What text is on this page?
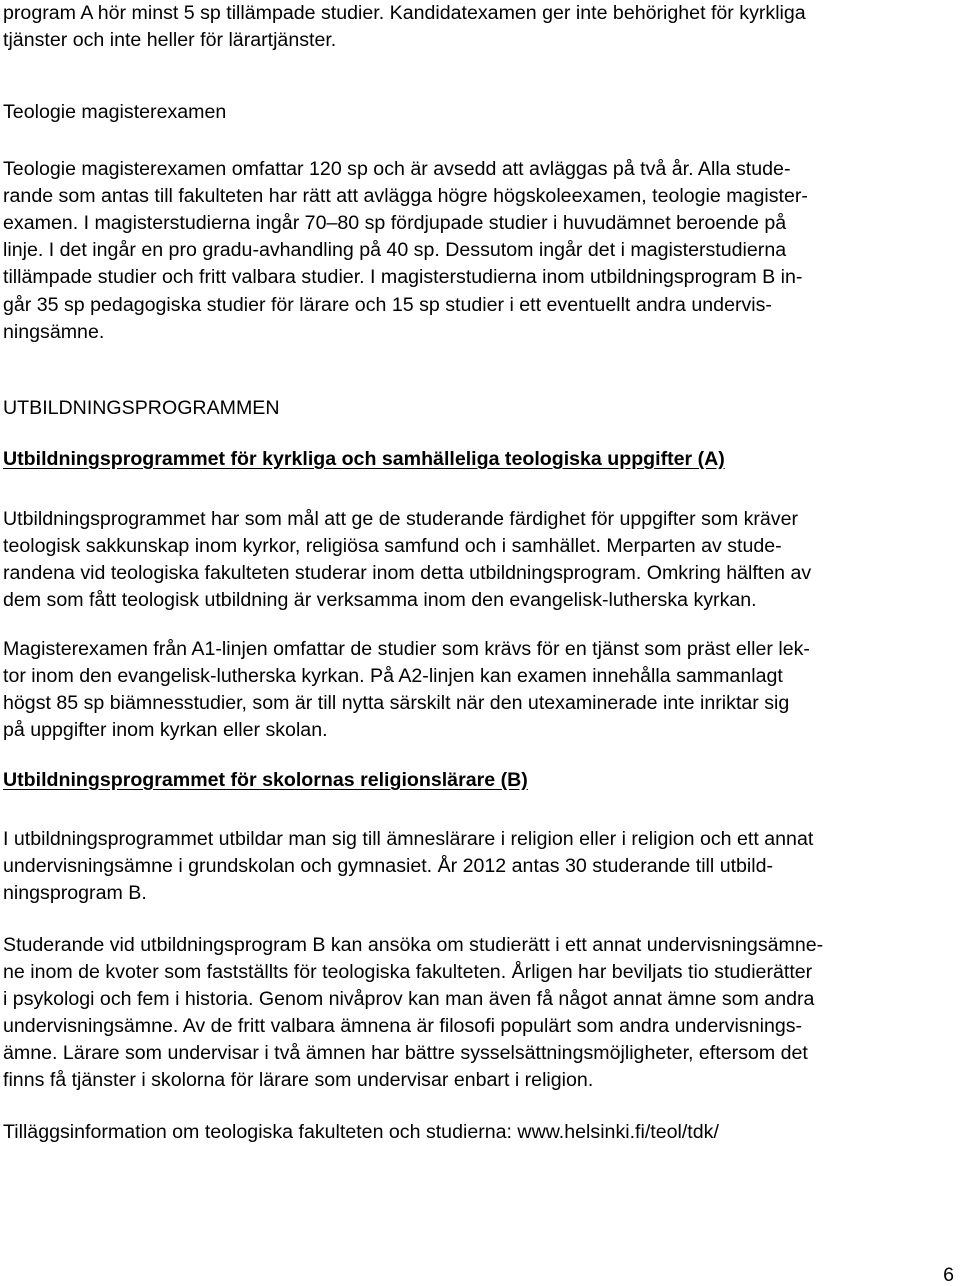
program A hör minst 5 sp tillämpade studier. Kandidatexamen ger inte behörighet för kyrkliga
tjänster och inte heller för lärartjänster.
Teologie magisterexamen
Teologie magisterexamen omfattar 120 sp och är avsedd att avläggas på två år. Alla stude-
rande som antas till fakulteten har rätt att avlägga högre högskoleexamen, teologie magister-
examen. I magisterstudierna ingår 70–80 sp fördjupade studier i huvudämnet beroende på
linje. I det ingår en pro gradu-avhandling på 40 sp. Dessutom ingår det i magisterstudierna
tillämpade studier och fritt valbara studier. I magisterstudierna inom utbildningsprogram B in-
går 35 sp pedagogiska studier för lärare och 15 sp studier i ett eventuellt andra undervis-
ningsämne.
UTBILDNINGSPROGRAMMEN
Utbildningsprogrammet för kyrkliga och samhälleliga teologiska uppgifter (A)
Utbildningsprogrammet har som mål att ge de studerande färdighet för uppgifter som kräver
teologisk sakkunskap inom kyrkor, religiösa samfund och i samhället. Merparten av stude-
randena vid teologiska fakulteten studerar inom detta utbildningsprogram. Omkring hälften av
dem som fått teologisk utbildning är verksamma inom den evangelisk-lutherska kyrkan.
Magisterexamen från A1-linjen omfattar de studier som krävs för en tjänst som präst eller lek-
tor inom den evangelisk-lutherska kyrkan. På A2-linjen kan examen innehålla sammanlagt
högst 85 sp biämnesstudier, som är till nytta särskilt när den utexaminerade inte inriktar sig
på uppgifter inom kyrkan eller skolan.
Utbildningsprogrammet för skolornas religionslärare (B)
I utbildningsprogrammet utbildar man sig till ämneslärare i religion eller i religion och ett annat
undervisningsämne i grundskolan och gymnasiet. År 2012 antas 30 studerande till utbild-
ningsprogram B.
Studerande vid utbildningsprogram B kan ansöka om studierätt i ett annat undervisningsämne-
ne inom de kvoter som fastställts för teologiska fakulteten. Årligen har beviljats tio studierätter
i psykologi och fem i historia. Genom nivåprov kan man även få något annat ämne som andra
undervisningsämne. Av de fritt valbara ämnena är filosofi populärt som andra undervisnings-
ämne. Lärare som undervisar i två ämnen har bättre sysselsättningsmöjligheter, eftersom det
finns få tjänster i skolorna för lärare som undervisar enbart i religion.
Tilläggsinformation om teologiska fakulteten och studierna: www.helsinki.fi/teol/tdk/
6
